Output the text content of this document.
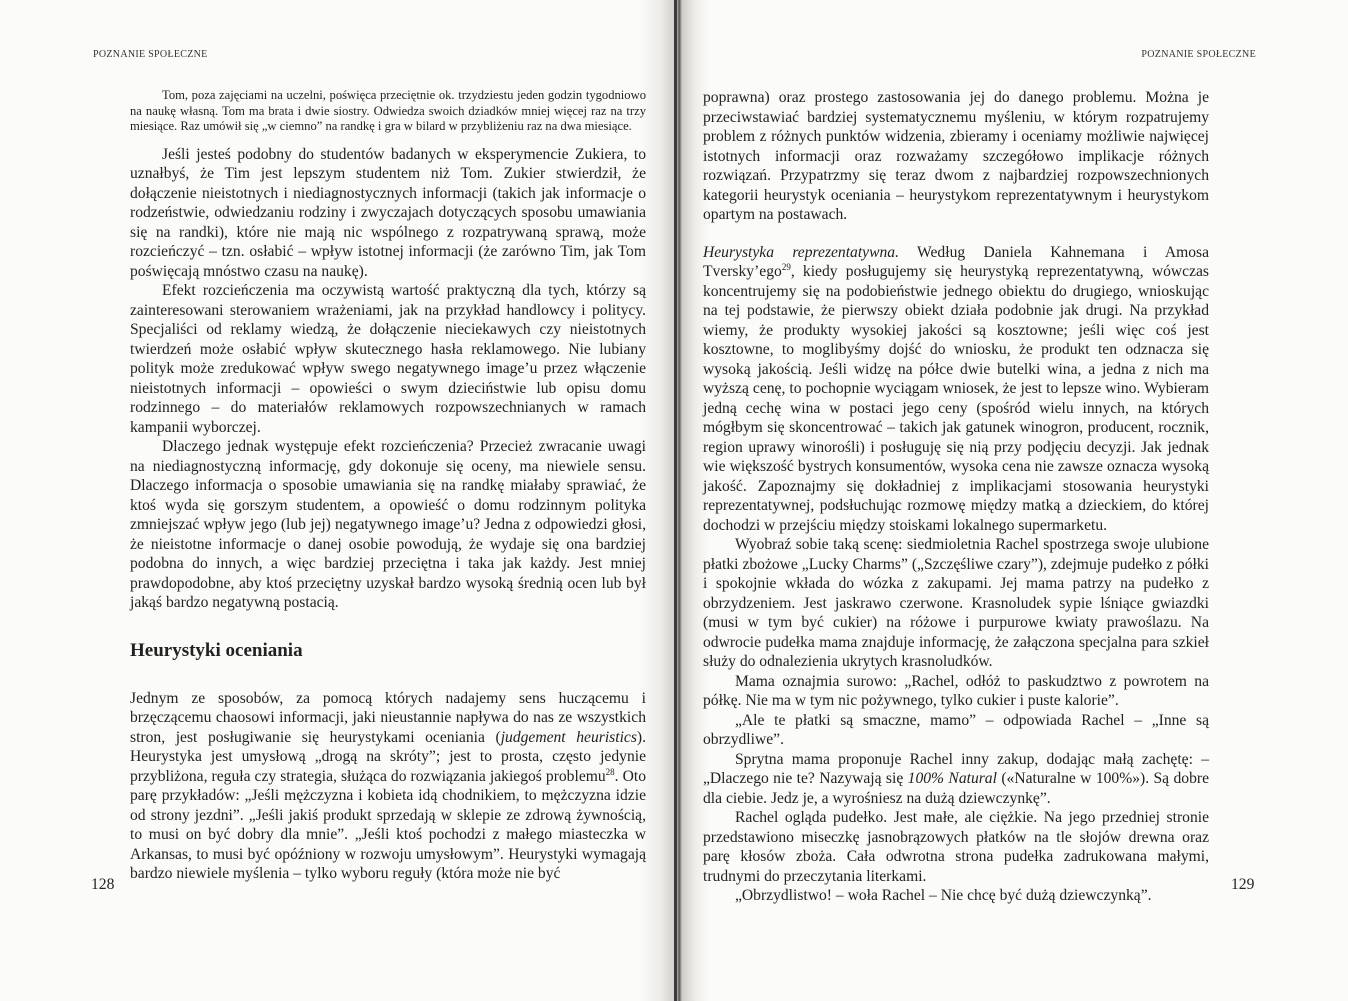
POZNANIE SPOŁECZNE

Tom, poza zajęciami na uczelni, poświęca przeciętnie ok. trzydziestu jeden godzin tygodniowo na naukę własną. Tom ma brata i dwie siostry. Odwiedza swoich dziadków mniej więcej raz na trzy miesiące. Raz umówił się „w ciemno” na randkę i gra w bilard w przybliżeniu raz na dwa miesiące.

Jeśli jesteś podobny do studentów badanych w eksperymencie Zukiera, to uznałbyś, że Tim jest lepszym studentem niż Tom. Zukier stwierdził, że dołączenie nieistotnych i niediagnostycznych informacji (takich jak informacje o rodzeństwie, odwiedzaniu rodziny i zwyczajach dotyczących sposobu umawiania się na randki), które nie mają nic wspólnego z rozpatrywaną sprawą, może rozcieńczyć – tzn. osłabić – wpływ istotnej informacji (że zarówno Tim, jak Tom poświęcają mnóstwo czasu na naukę).

Efekt rozcieńczenia ma oczywistą wartość praktyczną dla tych, którzy są zainteresowani sterowaniem wrażeniami, jak na przykład handlowcy i politycy. Specjaliści od reklamy wiedzą, że dołączenie nieciekawych czy nieistotnych twierdzeń może osłabić wpływ skutecznego hasła reklamowego. Nie lubiany polityk może zredukować wpływ swego negatywnego image’u przez włączenie nieistotnych informacji – opowieści o swym dzieciństwie lub opisu domu rodzinnego – do materiałów reklamowych rozpowszechnianych w ramach kampanii wyborczej.

Dlaczego jednak występuje efekt rozcieńczenia? Przecież zwracanie uwagi na niediagnostyczną informację, gdy dokonuje się oceny, ma niewiele sensu. Dlaczego informacja o sposobie umawiania się na randkę miałaby sprawiać, że ktoś wyda się gorszym studentem, a opowieść o domu rodzinnym polityka zmniejszać wpływ jego (lub jej) negatywnego image’u? Jedna z odpowiedzi głosi, że nieistotne informacje o danej osobie powodują, że wydaje się ona bardziej podobna do innych, a więc bardziej przeciętna i taka jak każdy. Jest mniej prawdopodobne, aby ktoś przeciętny uzyskał bardzo wysoką średnią ocen lub był jakąś bardzo negatywną postacią.

Heurystyki oceniania

Jednym ze sposobów, za pomocą których nadajemy sens huczącemu i brzęczącemu chaosowi informacji, jaki nieustannie napływa do nas ze wszystkich stron, jest posługiwanie się heurystykami oceniania (judgement heuristics). Heurystyka jest umysłową „drogą na skróty”; jest to prosta, często jedynie przybliżona, reguła czy strategia, służąca do rozwiązania jakiegoś problemu$^{28}$. Oto parę przykładów: „Jeśli mężczyzna i kobieta idą chodnikiem, to mężczyzna idzie od strony jezdni”. „Jeśli jakiś produkt sprzedają w sklepie ze zdrową żywnością, to musi on być dobry dla mnie”. „Jeśli ktoś pochodzi z małego miasteczka w Arkansas, to musi być opóźniony w rozwoju umysłowym”. Heurystyki wymagają bardzo niewiele myślenia – tylko wyboru reguły (która może nie być

128
POZNANIE SPOŁECZNE

poprawna) oraz prostego zastosowania jej do danego problemu. Można je przeciwstawiać bardziej systematycznemu myśleniu, w którym rozpatrujemy problem z różnych punktów widzenia, zbieramy i oceniamy możliwie najwięcej istotnych informacji oraz rozważamy szczegółowo implikacje różnych rozwiązań. Przypatrzmy się teraz dwom z najbardziej rozpowszechnionych kategorii heurystyk oceniania – heurystykom reprezentatywnym i heurystykom opartym na postawach.

Heurystyka reprezentatywna. Według Daniela Kahnemana i Amosa Tversky’ego$^{29}$, kiedy posługujemy się heurystyką reprezentatywną, wówczas koncentrujemy się na podobieństwie jednego obiektu do drugiego, wnioskując na tej podstawie, że pierwszy obiekt działa podobnie jak drugi. Na przykład wiemy, że produkty wysokiej jakości są kosztowne; jeśli więc coś jest kosztowne, to moglibyśmy dojść do wniosku, że produkt ten odznacza się wysoką jakością. Jeśli widzę na półce dwie butelki wina, a jedna z nich ma wyższą cenę, to pochopnie wyciągam wniosek, że jest to lepsze wino. Wybieram jedną cechę wina w postaci jego ceny (spośród wielu innych, na których mógłbym się skoncentrować – takich jak gatunek winogron, producent, rocznik, region uprawy winorośli) i posługuję się nią przy podjęciu decyzji. Jak jednak wie większość bystrych konsumentów, wysoka cena nie zawsze oznacza wysoką jakość. Zapoznajmy się dokładniej z implikacjami stosowania heurystyki reprezentatywnej, podsłuchując rozmowę między matką a dzieckiem, do której dochodzi w przejściu między stoiskami lokalnego supermarketu.

Wyobraź sobie taką scenę: siedmioletnia Rachel spostrzega swoje ulubione płatki zbożowe „Lucky Charms” („Szczęśliwe czary”), zdejmuje pudełko z półki i spokojnie wkłada do wózka z zakupami. Jej mama patrzy na pudełko z obrzydzeniem. Jest jaskrawo czerwone. Krasnoludek sypie lśniące gwiazdki (musi w tym być cukier) na różowe i purpurowe kwiaty prawoślazu. Na odwrocie pudełka mama znajduje informację, że załączona specjalna para szkieł służy do odnalezienia ukrytych krasnoludków.

Mama oznajmia surowo: „Rachel, odłóż to paskudztwo z powrotem na półkę. Nie ma w tym nic pożywnego, tylko cukier i puste kalorie”.

„Ale te płatki są smaczne, mamo” – odpowiada Rachel – „Inne są obrzydliwe”.

Sprytna mama proponuje Rachel inny zakup, dodając małą zachętę: – „Dlaczego nie te? Nazywają się 100% Natural («Naturalne w 100%»). Są dobre dla ciebie. Jedz je, a wyrośniesz na dużą dziewczynkę”.

Rachel ogląda pudełko. Jest małe, ale ciężkie. Na jego przedniej stronie przedstawiono miseczkę jasnobrązowych płatków na tle słojów drewna oraz parę kłosów zboża. Cała odwrotna strona pudełka zadrukowana małymi, trudnymi do przeczytania literkami.

„Obrzydlistwo! – woła Rachel – Nie chcę być dużą dziewczynką”.

129
